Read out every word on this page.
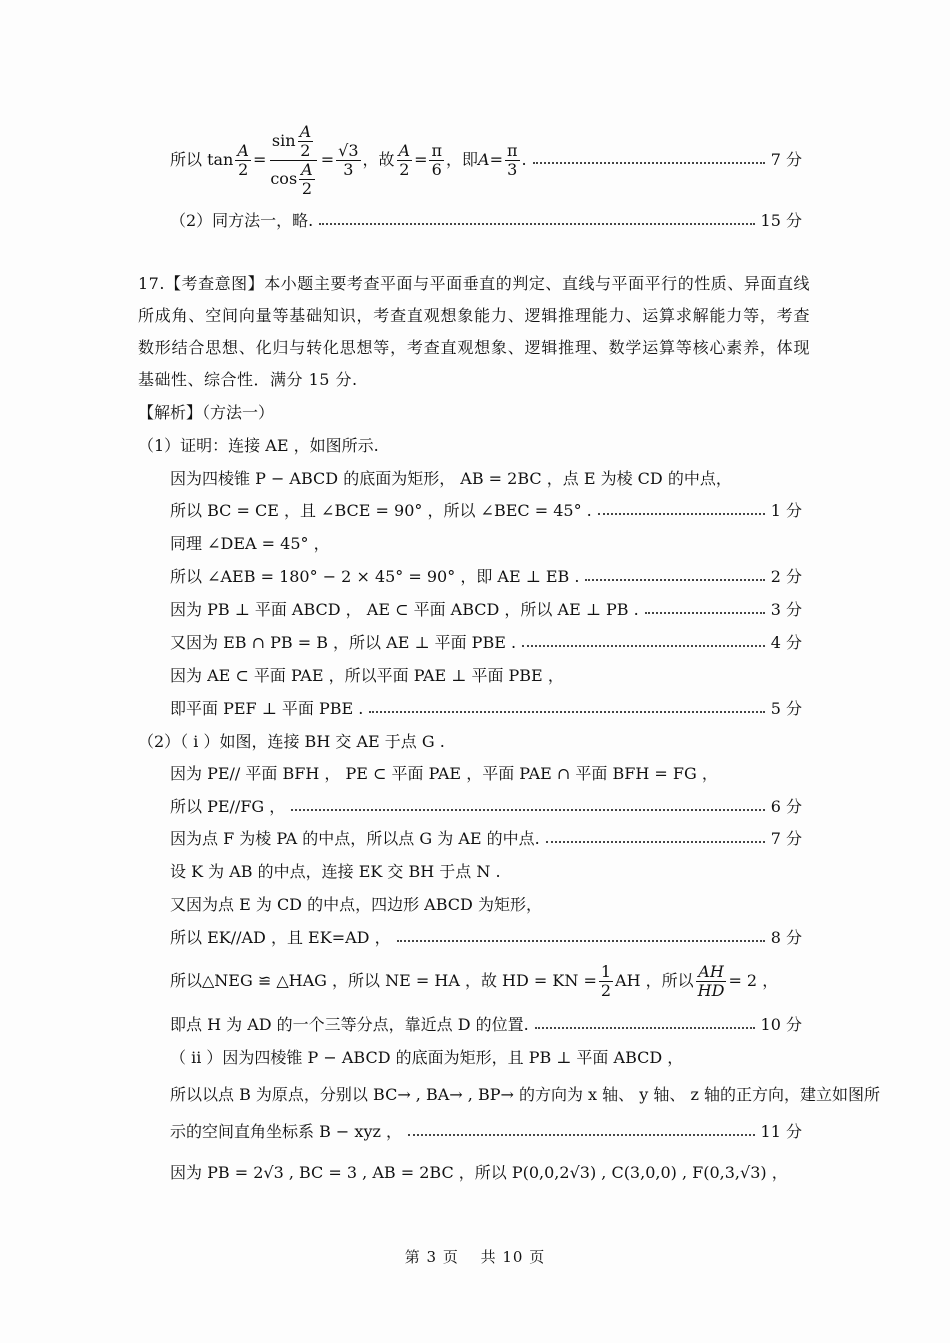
所以 $\tan \frac{A}{2} = \frac{\sin \frac{A}{2}}{\cos \frac{A}{2}} = \frac{√3}{3}$ ，故 $\frac{A}{2} = \frac{\pi}{6}$ ，即 $A = \frac{\pi}{3}$ .	7 分
（2）同方法一，略.	15 分
17.【考查意图】本小题主要考查平面与平面垂直的判定、直线与平面平行的性质、异面直线所成角、空间向量等基础知识，考查直观想象能力、逻辑推理能力、运算求解能力等，考查数形结合思想、化归与转化思想等，考查直观想象、逻辑推理、数学运算等核心素养，体现基础性、综合性．满分 15 分.
【解析】（方法一）
（1）证明：连接 AE ，如图所示.
因为四棱锥 P − ABCD 的底面为矩形， AB = 2BC ，点 E 为棱 CD 的中点，
所以 BC = CE ，且 ∠BCE = 90° ，所以 ∠BEC = 45° .	1 分
同理 ∠DEA = 45° ，
所以 ∠AEB = 180° − 2 × 45° = 90° ，即 AE ⊥ EB .	2 分
因为 PB ⊥ 平面 ABCD ， AE ⊂ 平面 ABCD ，所以 AE ⊥ PB .	3 分
又因为 EB ∩ PB = B ，所以 AE ⊥ 平面 PBE .	4 分
因为 AE ⊂ 平面 PAE ，所以平面 PAE ⊥ 平面 PBE ，
即平面 PEF ⊥ 平面 PBE .	5 分
（2）（ i ）如图，连接 BH 交 AE 于点 G .
因为 PE// 平面 BFH ， PE ⊂ 平面 PAE ，平面 PAE ∩ 平面 BFH = FG ，
所以 PE//FG ，	6 分
因为点 F 为棱 PA 的中点，所以点 G 为 AE 的中点.	7 分
设 K 为 AB 的中点，连接 EK 交 BH 于点 N .
又因为点 E 为 CD 的中点，四边形 ABCD 为矩形，
所以 EK//AD ，且 EK=AD ，	8 分
所以△NEG ≌ △HAG ，所以 NE = HA ，故 HD = KN = $\frac{1}{2}$ AH ，所以 $\frac{AH}{HD} = 2$ ，
即点 H 为 AD 的一个三等分点，靠近点 D 的位置.	10 分
（ ii ）因为四棱锥 P − ABCD 的底面为矩形，且 PB ⊥ 平面 ABCD ，
所以以点 B 为原点，分别以 BC→ , BA→ , BP→ 的方向为 x 轴、 y 轴、 z 轴的正方向，建立如图所
示的空间直角坐标系 B − xyz ，	11 分
因为 PB = 2√3 , BC = 3 , AB = 2BC ，所以 P(0,0,2√3) , C(3,0,0) , F(0,3,√3) ，
第 3 页　 共 10 页
